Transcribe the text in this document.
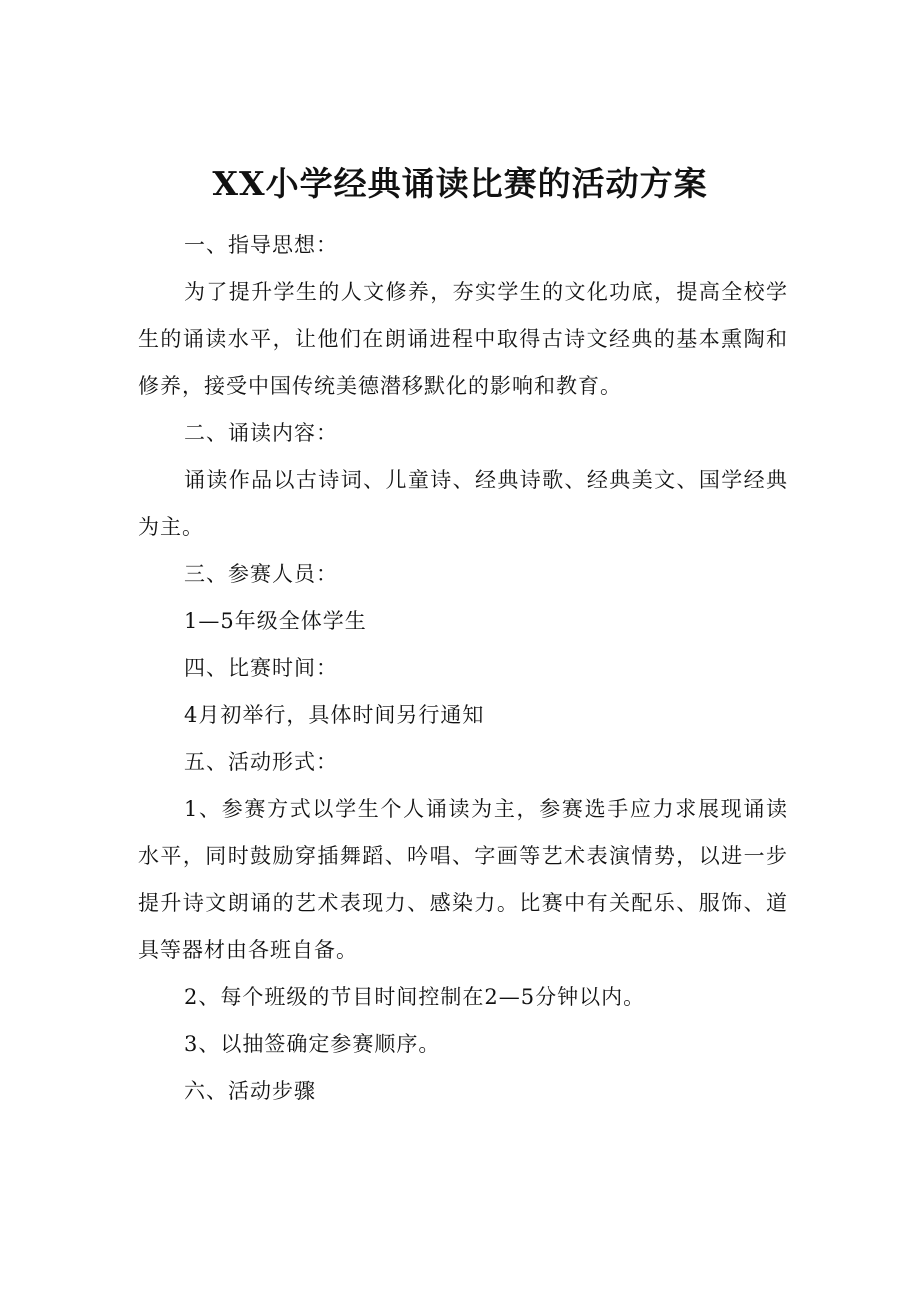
XX小学经典诵读比赛的活动方案

一、指导思想：

为了提升学生的人文修养，夯实学生的文化功底，提高全校学生的诵读水平，让他们在朗诵进程中取得古诗文经典的基本熏陶和修养，接受中国传统美德潜移默化的影响和教育。

二、诵读内容：

诵读作品以古诗词、儿童诗、经典诗歌、经典美文、国学经典为主。

三、参赛人员：

1—5年级全体学生

四、比赛时间：

4月初举行，具体时间另行通知

五、活动形式：

1、参赛方式以学生个人诵读为主，参赛选手应力求展现诵读水平，同时鼓励穿插舞蹈、吟唱、字画等艺术表演情势，以进一步提升诗文朗诵的艺术表现力、感染力。比赛中有关配乐、服饰、道具等器材由各班自备。

2、每个班级的节目时间控制在2—5分钟以内。

3、以抽签确定参赛顺序。

六、活动步骤
